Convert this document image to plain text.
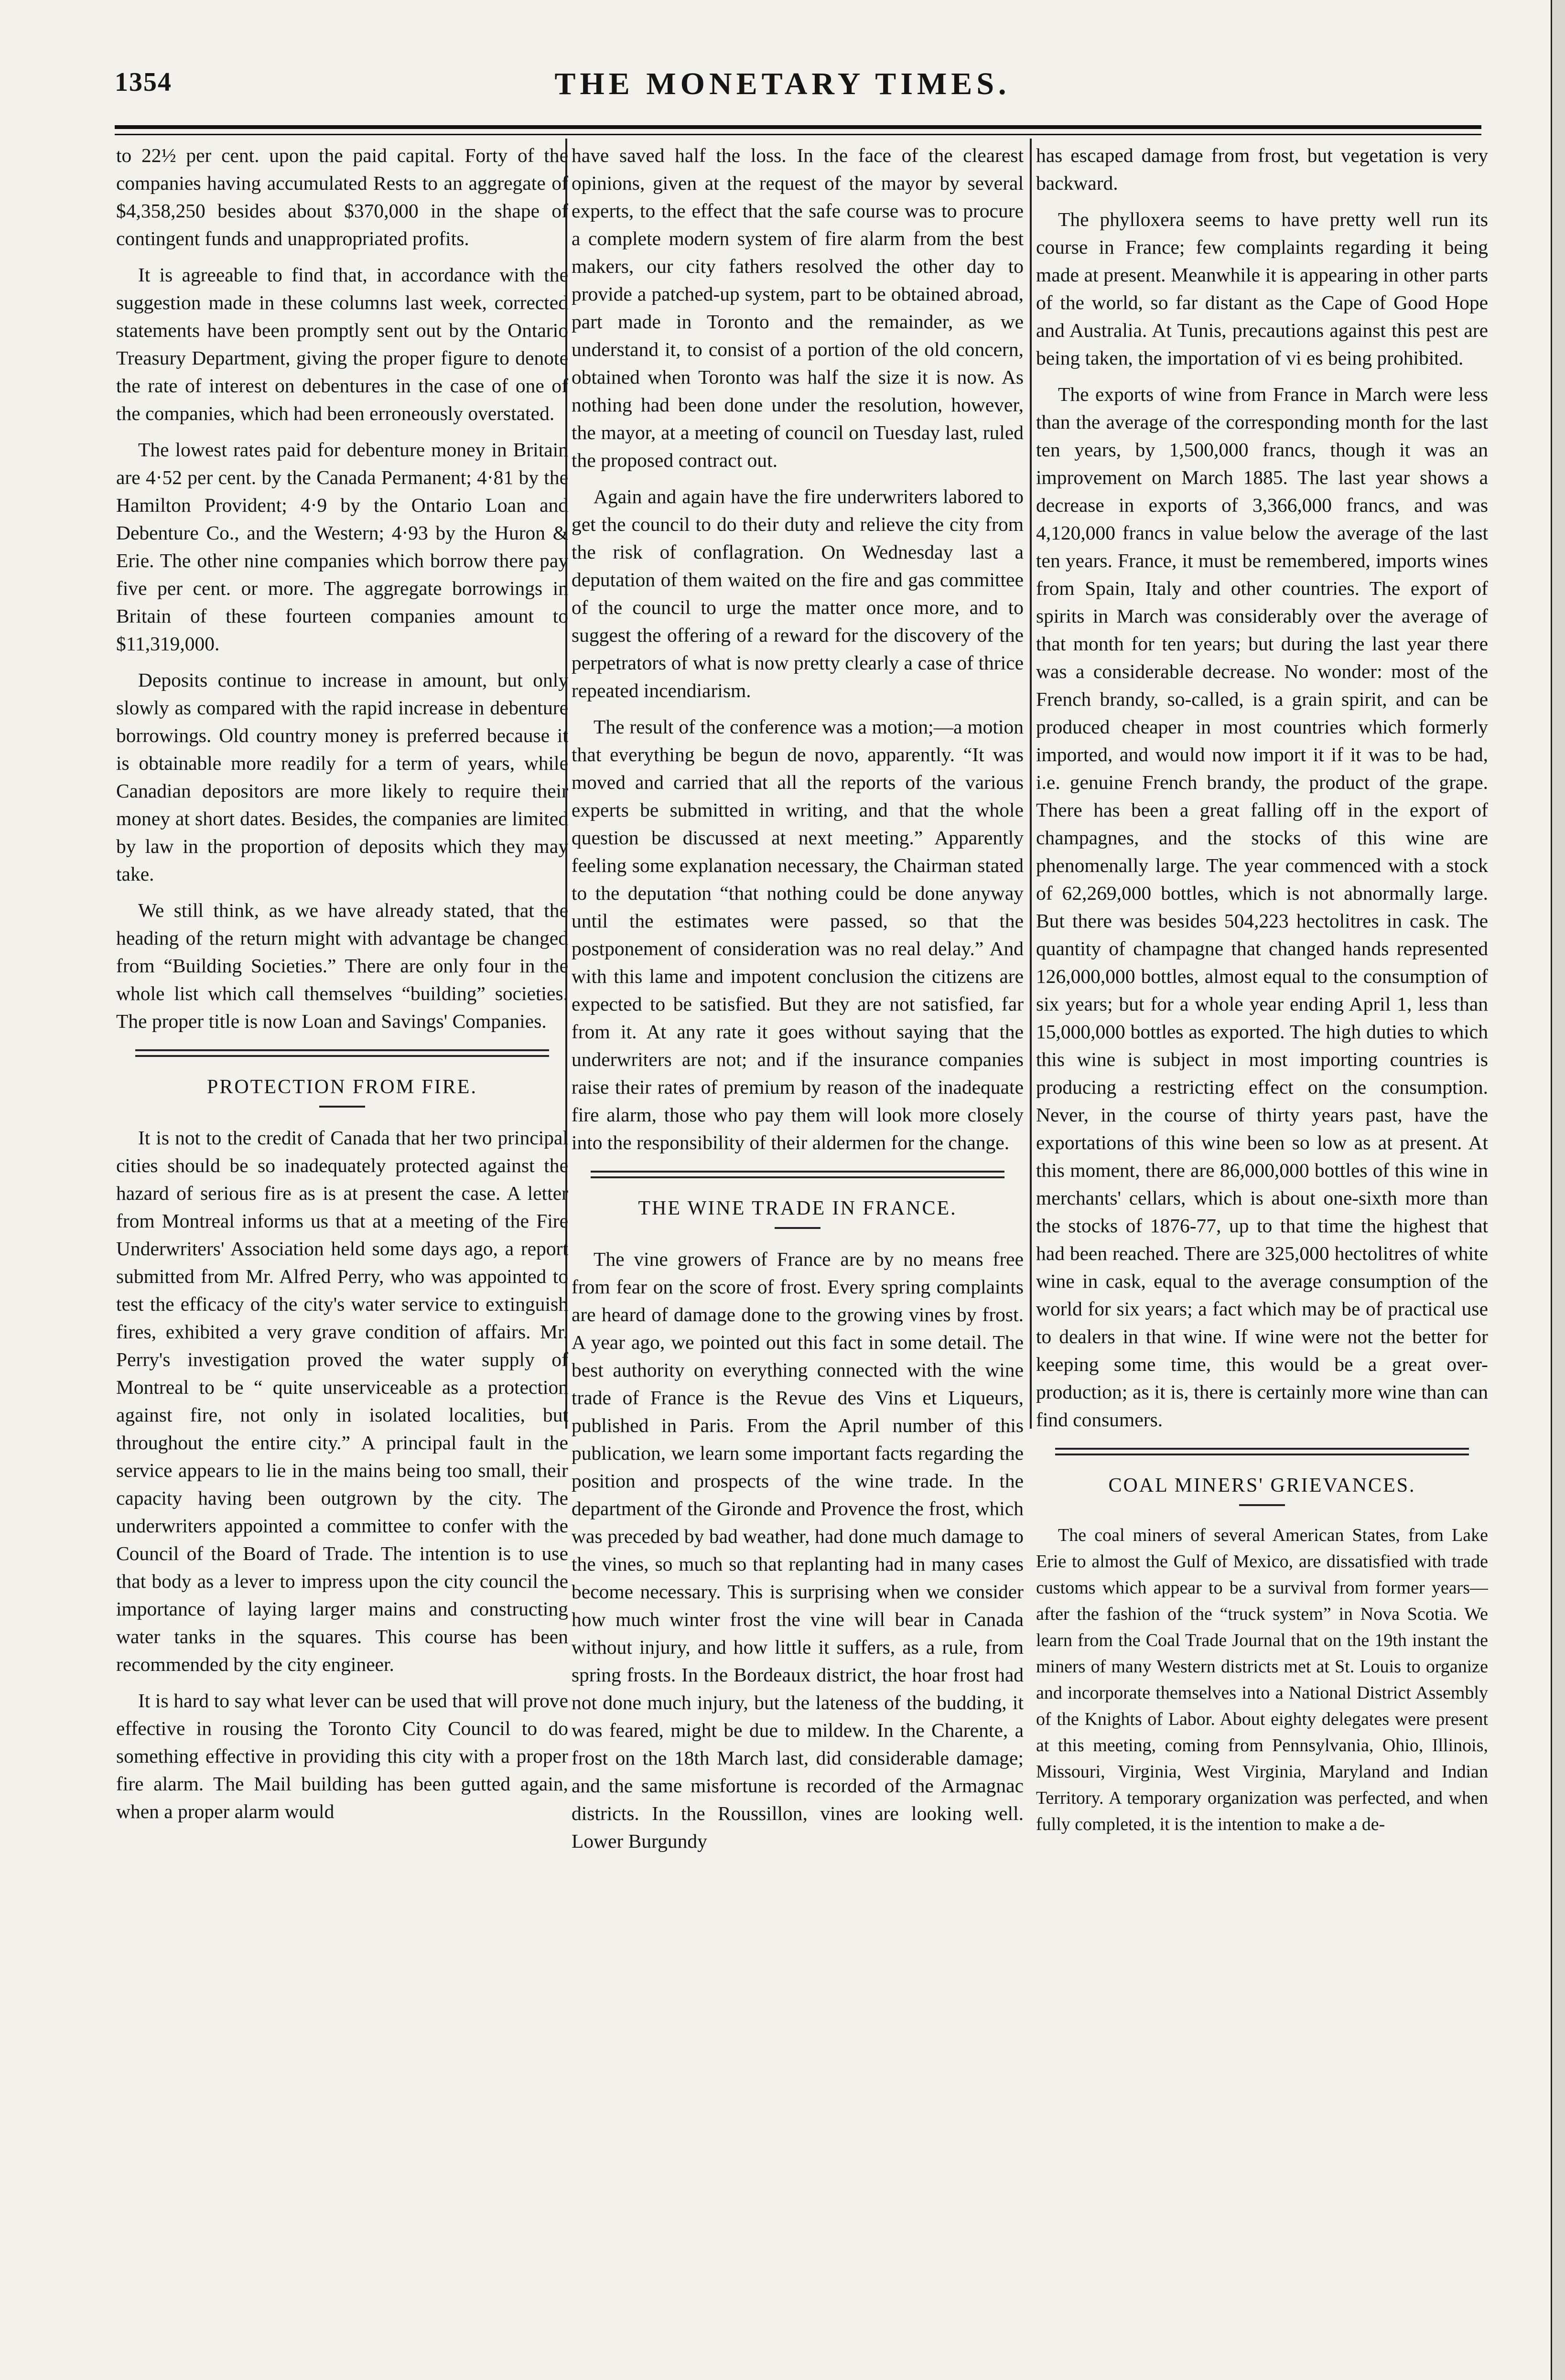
1354	THE MONETARY TIMES.

to 22½ per cent. upon the paid capital. Forty of the companies having accumulated Rests to an aggregate of $4,358,250 besides about $370,000 in the shape of contingent funds and unappropriated profits.

It is agreeable to find that, in accordance with the suggestion made in these columns last week, corrected statements have been promptly sent out by the Ontario Treasury Department, giving the proper figure to denote the rate of interest on debentures in the case of one of the companies, which had been erroneously overstated.

The lowest rates paid for debenture money in Britain are 4·52 per cent. by the Canada Permanent; 4·81 by the Hamilton Provident; 4·9 by the Ontario Loan and Debenture Co., and the Western; 4·93 by the Huron & Erie. The other nine companies which borrow there pay five per cent. or more. The aggregate borrowings in Britain of these fourteen companies amount to $11,319,000.

Deposits continue to increase in amount, but only slowly as compared with the rapid increase in debenture borrowings. Old country money is preferred because it is obtainable more readily for a term of years, while Canadian depositors are more likely to require their money at short dates. Besides, the companies are limited by law in the proportion of deposits which they may take.

We still think, as we have already stated, that the heading of the return might with advantage be changed from “Building Societies.” There are only four in the whole list which call themselves “building” societies. The proper title is now Loan and Savings' Companies.

PROTECTION FROM FIRE.

It is not to the credit of Canada that her two principal cities should be so inadequately protected against the hazard of serious fire as is at present the case. A letter from Montreal informs us that at a meeting of the Fire Underwriters' Association held some days ago, a report submitted from Mr. Alfred Perry, who was appointed to test the efficacy of the city's water service to extinguish fires, exhibited a very grave condition of affairs. Mr. Perry's investigation proved the water supply of Montreal to be “ quite unserviceable as a protection against fire, not only in isolated localities, but throughout the entire city.” A principal fault in the service appears to lie in the mains being too small, their capacity having been outgrown by the city. The underwriters appointed a committee to confer with the Council of the Board of Trade. The intention is to use that body as a lever to impress upon the city council the importance of laying larger mains and constructing water tanks in the squares. This course has been recommended by the city engineer.

It is hard to say what lever can be used that will prove effective in rousing the Toronto City Council to do something effective in providing this city with a proper fire alarm. The Mail building has been gutted again, when a proper alarm would

have saved half the loss. In the face of the clearest opinions, given at the request of the mayor by several experts, to the effect that the safe course was to procure a complete modern system of fire alarm from the best makers, our city fathers resolved the other day to provide a patched-up system, part to be obtained abroad, part made in Toronto and the remainder, as we understand it, to consist of a portion of the old concern, obtained when Toronto was half the size it is now. As nothing had been done under the resolution, however, the mayor, at a meeting of council on Tuesday last, ruled the proposed contract out.

Again and again have the fire underwriters labored to get the council to do their duty and relieve the city from the risk of conflagration. On Wednesday last a deputation of them waited on the fire and gas committee of the council to urge the matter once more, and to suggest the offering of a reward for the discovery of the perpetrators of what is now pretty clearly a case of thrice repeated incendiarism.

The result of the conference was a motion;—a motion that everything be begun de novo, apparently. “It was moved and carried that all the reports of the various experts be submitted in writing, and that the whole question be discussed at next meeting.” Apparently feeling some explanation necessary, the Chairman stated to the deputation “that nothing could be done anyway until the estimates were passed, so that the postponement of consideration was no real delay.” And with this lame and impotent conclusion the citizens are expected to be satisfied. But they are not satisfied, far from it. At any rate it goes without saying that the underwriters are not; and if the insurance companies raise their rates of premium by reason of the inadequate fire alarm, those who pay them will look more closely into the responsibility of their aldermen for the change.

THE WINE TRADE IN FRANCE.

The vine growers of France are by no means free from fear on the score of frost. Every spring complaints are heard of damage done to the growing vines by frost. A year ago, we pointed out this fact in some detail. The best authority on everything connected with the wine trade of France is the Revue des Vins et Liqueurs, published in Paris. From the April number of this publication, we learn some important facts regarding the position and prospects of the wine trade. In the department of the Gironde and Provence the frost, which was preceded by bad weather, had done much damage to the vines, so much so that replanting had in many cases become necessary. This is surprising when we consider how much winter frost the vine will bear in Canada without injury, and how little it suffers, as a rule, from spring frosts. In the Bordeaux district, the hoar frost had not done much injury, but the lateness of the budding, it was feared, might be due to mildew. In the Charente, a frost on the 18th March last, did considerable damage; and the same misfortune is recorded of the Armagnac districts. In the Roussillon, vines are looking well. Lower Burgundy

has escaped damage from frost, but vegetation is very backward.

The phylloxera seems to have pretty well run its course in France; few complaints regarding it being made at present. Meanwhile it is appearing in other parts of the world, so far distant as the Cape of Good Hope and Australia. At Tunis, precautions against this pest are being taken, the importation of vi es being prohibited.

The exports of wine from France in March were less than the average of the corresponding month for the last ten years, by 1,500,000 francs, though it was an improvement on March 1885. The last year shows a decrease in exports of 3,366,000 francs, and was 4,120,000 francs in value below the average of the last ten years. France, it must be remembered, imports wines from Spain, Italy and other countries. The export of spirits in March was considerably over the average of that month for ten years; but during the last year there was a considerable decrease. No wonder: most of the French brandy, so-called, is a grain spirit, and can be produced cheaper in most countries which formerly imported, and would now import it if it was to be had, i.e. genuine French brandy, the product of the grape. There has been a great falling off in the export of champagnes, and the stocks of this wine are phenomenally large. The year commenced with a stock of 62,269,000 bottles, which is not abnormally large. But there was besides 504,223 hectolitres in cask. The quantity of champagne that changed hands represented 126,000,000 bottles, almost equal to the consumption of six years; but for a whole year ending April 1, less than 15,000,000 bottles as exported. The high duties to which this wine is subject in most importing countries is producing a restricting effect on the consumption. Never, in the course of thirty years past, have the exportations of this wine been so low as at present. At this moment, there are 86,000,000 bottles of this wine in merchants' cellars, which is about one-sixth more than the stocks of 1876-77, up to that time the highest that had been reached. There are 325,000 hectolitres of white wine in cask, equal to the average consumption of the world for six years; a fact which may be of practical use to dealers in that wine. If wine were not the better for keeping some time, this would be a great over-production; as it is, there is certainly more wine than can find consumers.

COAL MINERS' GRIEVANCES.

The coal miners of several American States, from Lake Erie to almost the Gulf of Mexico, are dissatisfied with trade customs which appear to be a survival from former years—after the fashion of the “truck system” in Nova Scotia. We learn from the Coal Trade Journal that on the 19th instant the miners of many Western districts met at St. Louis to organize and incorporate themselves into a National District Assembly of the Knights of Labor. About eighty delegates were present at this meeting, coming from Pennsylvania, Ohio, Illinois, Missouri, Virginia, West Virginia, Maryland and Indian Territory. A temporary organization was perfected, and when fully completed, it is the intention to make a de-
